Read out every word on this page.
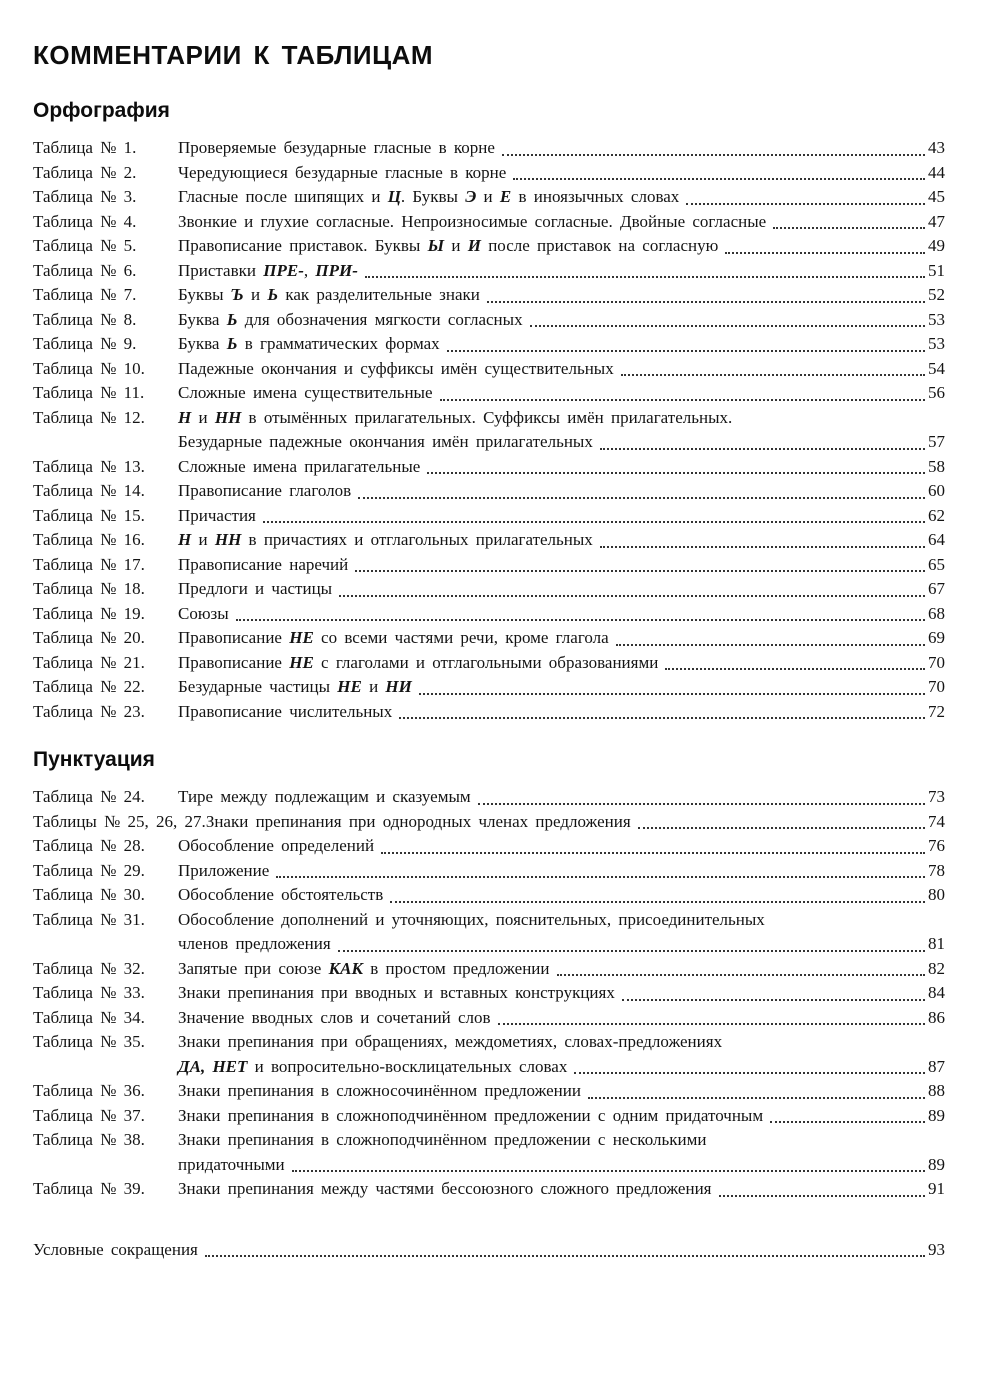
КОММЕНТАРИИ К ТАБЛИЦАМ
Орфография
Таблица № 1.	Проверяемые безударные гласные в корне	43
Таблица № 2.	Чередующиеся безударные гласные в корне	44
Таблица № 3.	Гласные после шипящих и Ц. Буквы Э и Е в иноязычных словах	45
Таблица № 4.	Звонкие и глухие согласные. Непроизносимые согласные. Двойные согласные	47
Таблица № 5.	Правописание приставок. Буквы Ы и И после приставок на согласную	49
Таблица № 6.	Приставки ПРЕ-, ПРИ-	51
Таблица № 7.	Буквы Ъ и Ь как разделительные знаки	52
Таблица № 8.	Буква Ь для обозначения мягкости согласных	53
Таблица № 9.	Буква Ь в грамматических формах	53
Таблица № 10.	Падежные окончания и суффиксы имён существительных	54
Таблица № 11.	Сложные имена существительные	56
Таблица № 12.	Н и НН в отымённых прилагательных. Суффиксы имён прилагательных.
Безударные падежные окончания имён прилагательных	57
Таблица № 13.	Сложные имена прилагательные	58
Таблица № 14.	Правописание глаголов	60
Таблица № 15.	Причастия	62
Таблица № 16.	Н и НН в причастиях и отглагольных прилагательных	64
Таблица № 17.	Правописание наречий	65
Таблица № 18.	Предлоги и частицы	67
Таблица № 19.	Союзы	68
Таблица № 20.	Правописание НЕ со всеми частями речи, кроме глагола	69
Таблица № 21.	Правописание НЕ с глаголами и отглагольными образованиями	70
Таблица № 22.	Безударные частицы НЕ и НИ	70
Таблица № 23.	Правописание числительных	72
Пунктуация
Таблица № 24.	Тире между подлежащим и сказуемым	73
Таблицы № 25, 26, 27. Знаки препинания при однородных членах предложения	74
Таблица № 28.	Обособление определений	76
Таблица № 29.	Приложение	78
Таблица № 30.	Обособление обстоятельств	80
Таблица № 31.	Обособление дополнений и уточняющих, пояснительных, присоединительных
членов предложения	81
Таблица № 32.	Запятые при союзе КАК в простом предложении	82
Таблица № 33.	Знаки препинания при вводных и вставных конструкциях	84
Таблица № 34.	Значение вводных слов и сочетаний слов	86
Таблица № 35.	Знаки препинания при обращениях, междометиях, словах-предложениях
ДА, НЕТ и вопросительно-восклицательных словах	87
Таблица № 36.	Знаки препинания в сложносочинённом предложении	88
Таблица № 37.	Знаки препинания в сложноподчинённом предложении с одним придаточным	89
Таблица № 38.	Знаки препинания в сложноподчинённом предложении с несколькими
придаточными	89
Таблица № 39.	Знаки препинания между частями бессоюзного сложного предложения	91
Условные сокращения	93
